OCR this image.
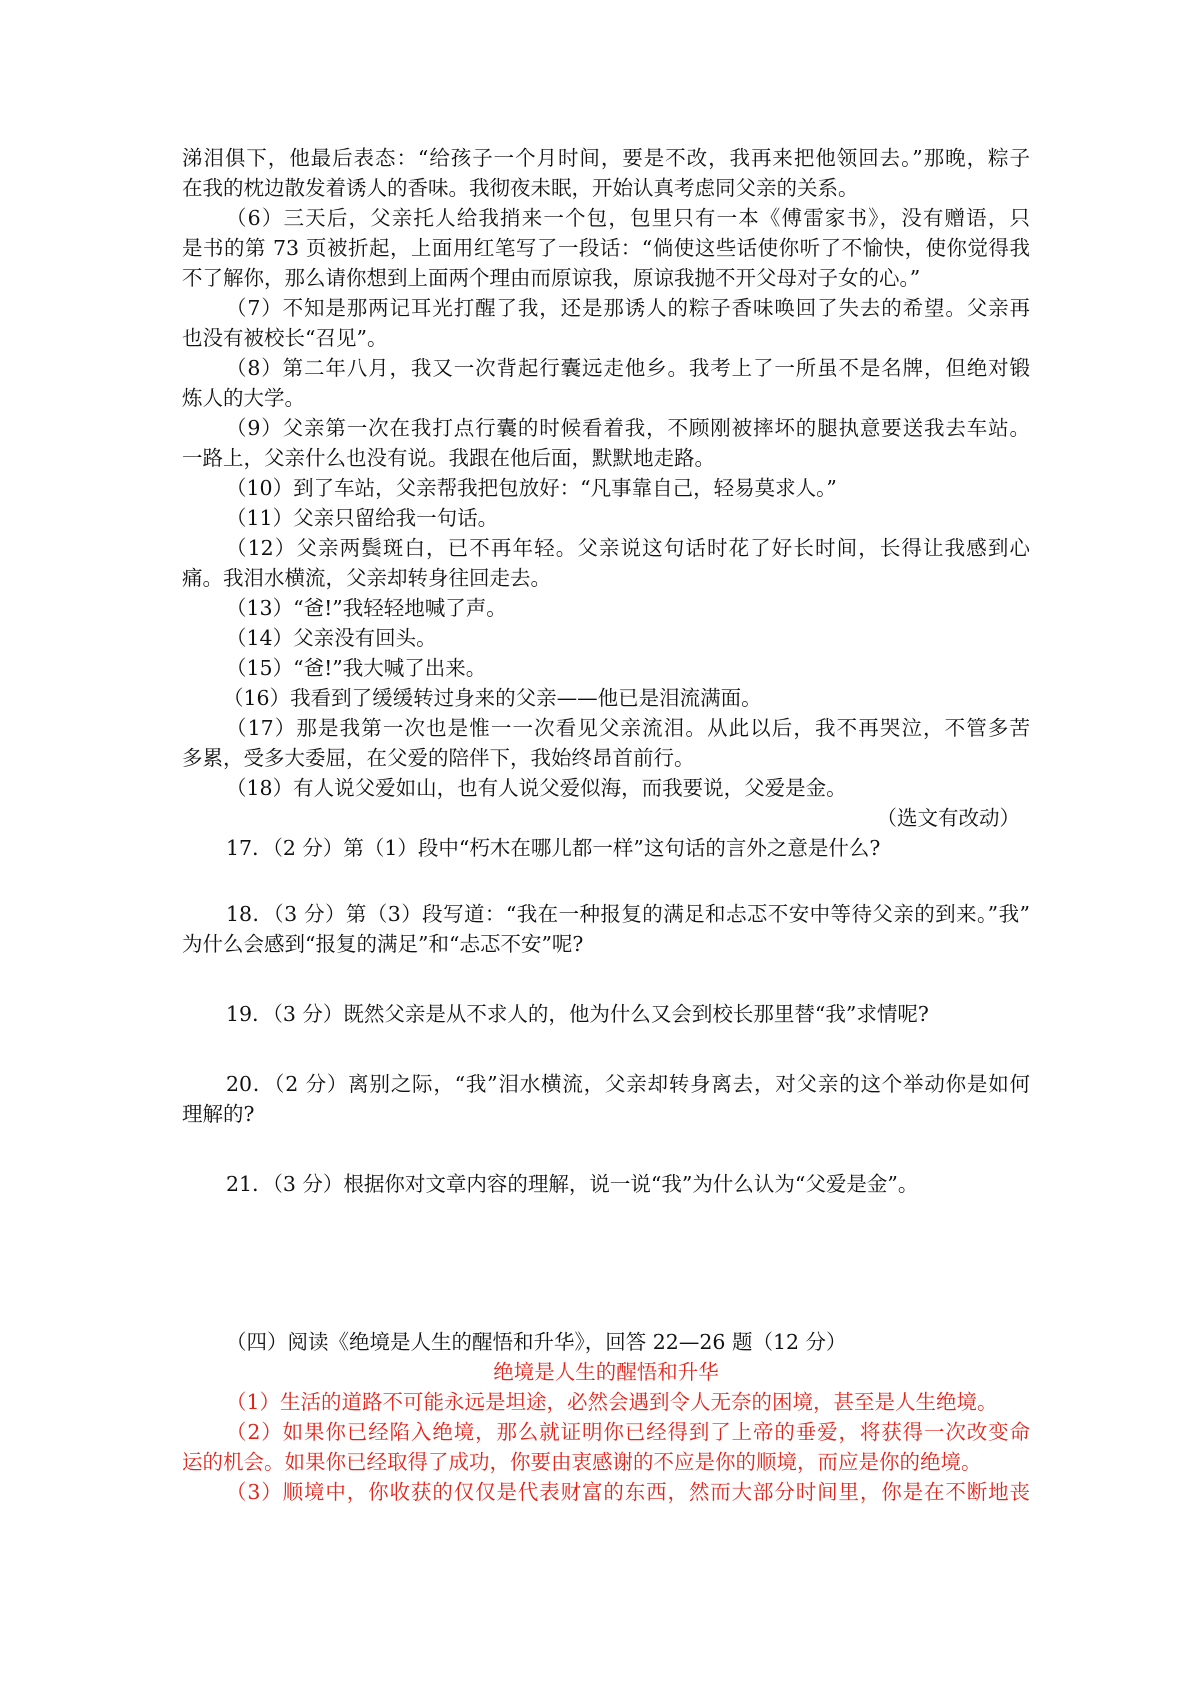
涕泪俱下，他最后表态：“给孩子一个月时间，要是不改，我再来把他领回去。”那晚，粽子
在我的枕边散发着诱人的香味。我彻夜未眠，开始认真考虑同父亲的关系。
（6）三天后，父亲托人给我捎来一个包，包里只有一本《傅雷家书》，没有赠语，只
是书的第 73 页被折起，上面用红笔写了一段话：“倘使这些话使你听了不愉快，使你觉得我
不了解你，那么请你想到上面两个理由而原谅我，原谅我抛不开父母对子女的心。”
（7）不知是那两记耳光打醒了我，还是那诱人的粽子香味唤回了失去的希望。父亲再
也没有被校长“召见”。
（8）第二年八月，我又一次背起行囊远走他乡。我考上了一所虽不是名牌，但绝对锻
炼人的大学。
（9）父亲第一次在我打点行囊的时候看着我，不顾刚被摔坏的腿执意要送我去车站。
一路上，父亲什么也没有说。我跟在他后面，默默地走路。
（10）到了车站，父亲帮我把包放好：“凡事靠自己，轻易莫求人。”
（11）父亲只留给我一句话。
（12）父亲两鬓斑白，已不再年轻。父亲说这句话时花了好长时间，长得让我感到心
痛。我泪水横流，父亲却转身往回走去。
（13）“爸!”我轻轻地喊了声。
（14）父亲没有回头。
（15）“爸!”我大喊了出来。
（16）我看到了缓缓转过身来的父亲——他已是泪流满面。
（17）那是我第一次也是惟一一次看见父亲流泪。从此以后，我不再哭泣，不管多苦
多累，受多大委屈，在父爱的陪伴下，我始终昂首前行。
（18）有人说父爱如山，也有人说父爱似海，而我要说，父爱是金。
（选文有改动）
17．（2 分）第（1）段中“朽木在哪儿都一样”这句话的言外之意是什么?
18．（3 分）第（3）段写道：“我在一种报复的满足和忐忑不安中等待父亲的到来。”我”
为什么会感到“报复的满足”和“忐忑不安”呢?
19．（3 分）既然父亲是从不求人的，他为什么又会到校长那里替“我”求情呢?
20．（2 分）离别之际，“我”泪水横流，父亲却转身离去，对父亲的这个举动你是如何
理解的?
21．（3 分）根据你对文章内容的理解，说一说“我”为什么认为“父爱是金”。
（四）阅读《绝境是人生的醒悟和升华》，回答 22—26 题（12 分）
绝境是人生的醒悟和升华
（1）生活的道路不可能永远是坦途，必然会遇到令人无奈的困境，甚至是人生绝境。
（2）如果你已经陷入绝境，那么就证明你已经得到了上帝的垂爱，将获得一次改变命
运的机会。如果你已经取得了成功，你要由衷感谢的不应是你的顺境，而应是你的绝境。
（3）顺境中，你收获的仅仅是代表财富的东西，然而大部分时间里，你是在不断地丧
